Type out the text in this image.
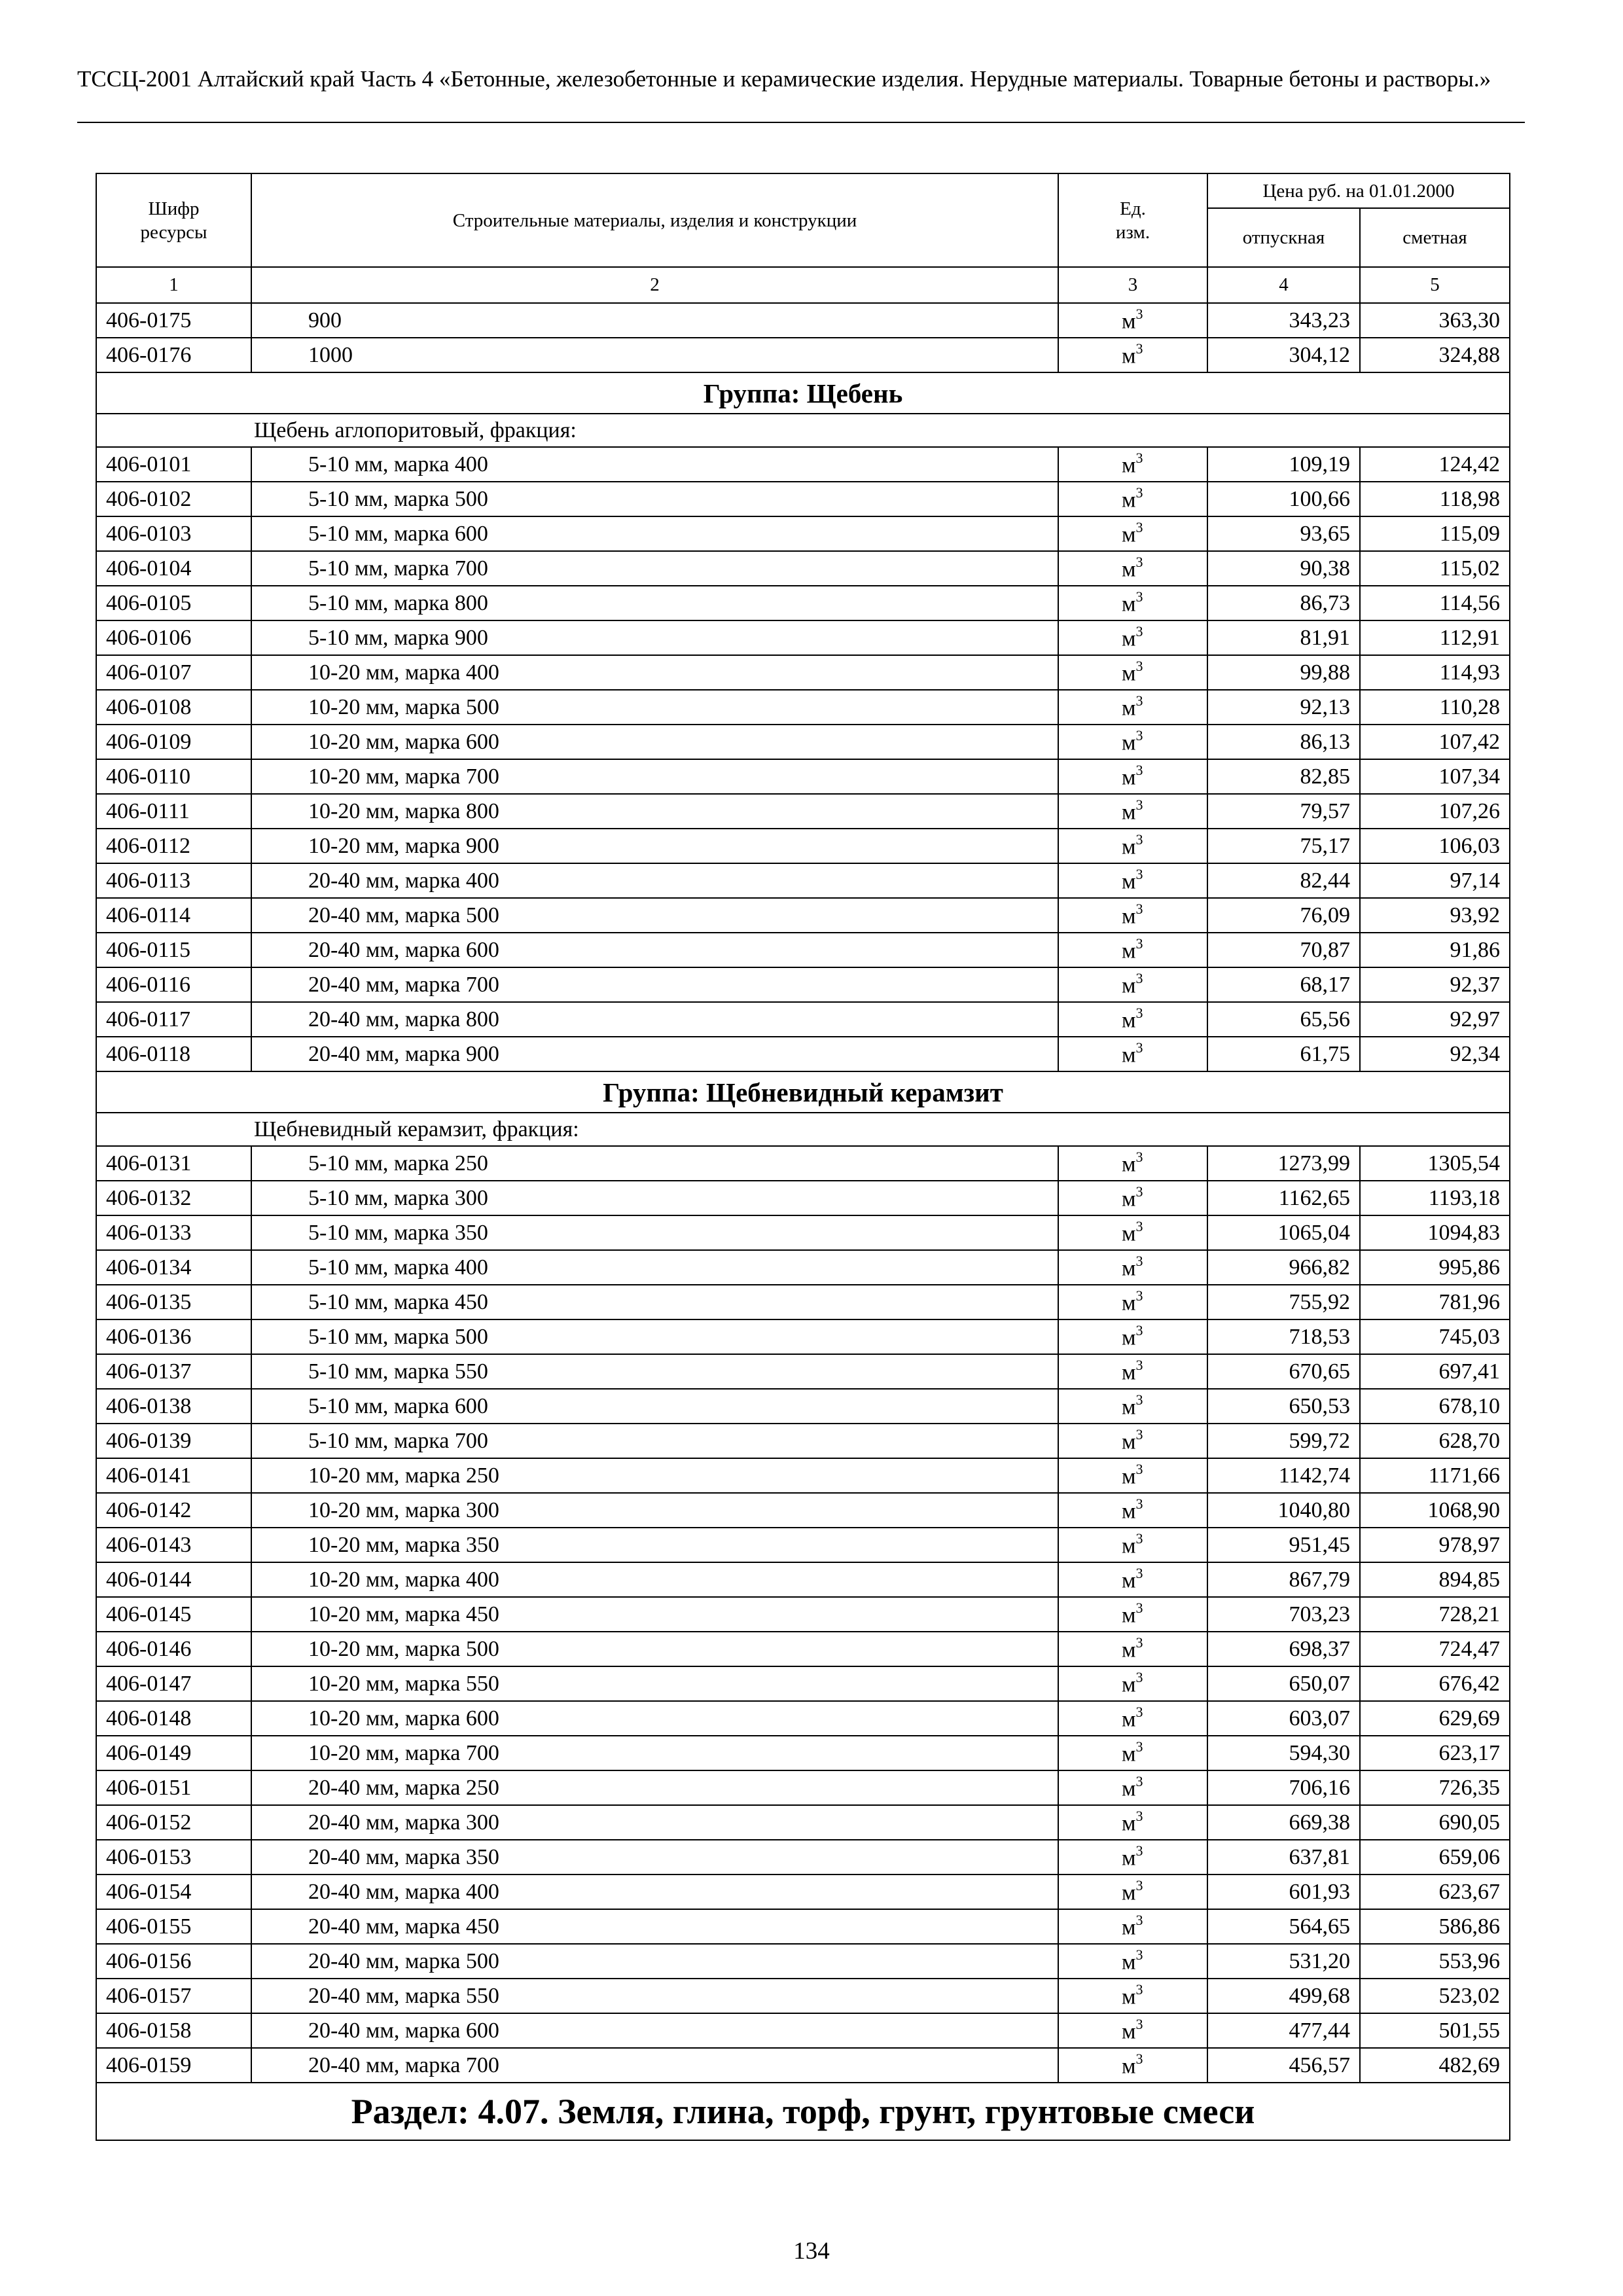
ТССЦ-2001 Алтайский край Часть 4 «Бетонные, железобетонные и керамические изделия. Нерудные материалы. Товарные бетоны и растворы.»
Шифр ресурсы	Строительные материалы, изделия и конструкции	Ед. изм.	Цена руб. на 01.01.2000	
			отпускная	сметная
1	2	3	4	5
406-0175	900	$м^3$	343,23	363,30
406-0176	1000	$м^3$	304,12	324,88
Группа: Щебень				
Щебень аглопоритовый, фракция:				
406-0101	5-10 мм, марка 400	$м^3$	109,19	124,42
406-0102	5-10 мм, марка 500	$м^3$	100,66	118,98
406-0103	5-10 мм, марка 600	$м^3$	93,65	115,09
406-0104	5-10 мм, марка 700	$м^3$	90,38	115,02
406-0105	5-10 мм, марка 800	$м^3$	86,73	114,56
406-0106	5-10 мм, марка 900	$м^3$	81,91	112,91
406-0107	10-20 мм, марка 400	$м^3$	99,88	114,93
406-0108	10-20 мм, марка 500	$м^3$	92,13	110,28
406-0109	10-20 мм, марка 600	$м^3$	86,13	107,42
406-0110	10-20 мм, марка 700	$м^3$	82,85	107,34
406-0111	10-20 мм, марка 800	$м^3$	79,57	107,26
406-0112	10-20 мм, марка 900	$м^3$	75,17	106,03
406-0113	20-40 мм, марка 400	$м^3$	82,44	97,14
406-0114	20-40 мм, марка 500	$м^3$	76,09	93,92
406-0115	20-40 мм, марка 600	$м^3$	70,87	91,86
406-0116	20-40 мм, марка 700	$м^3$	68,17	92,37
406-0117	20-40 мм, марка 800	$м^3$	65,56	92,97
406-0118	20-40 мм, марка 900	$м^3$	61,75	92,34
Группа: Щебневидный керамзит				
Щебневидный керамзит, фракция:				
406-0131	5-10 мм, марка 250	$м^3$	1273,99	1305,54
406-0132	5-10 мм, марка 300	$м^3$	1162,65	1193,18
406-0133	5-10 мм, марка 350	$м^3$	1065,04	1094,83
406-0134	5-10 мм, марка 400	$м^3$	966,82	995,86
406-0135	5-10 мм, марка 450	$м^3$	755,92	781,96
406-0136	5-10 мм, марка 500	$м^3$	718,53	745,03
406-0137	5-10 мм, марка 550	$м^3$	670,65	697,41
406-0138	5-10 мм, марка 600	$м^3$	650,53	678,10
406-0139	5-10 мм, марка 700	$м^3$	599,72	628,70
406-0141	10-20 мм, марка 250	$м^3$	1142,74	1171,66
406-0142	10-20 мм, марка 300	$м^3$	1040,80	1068,90
406-0143	10-20 мм, марка 350	$м^3$	951,45	978,97
406-0144	10-20 мм, марка 400	$м^3$	867,79	894,85
406-0145	10-20 мм, марка 450	$м^3$	703,23	728,21
406-0146	10-20 мм, марка 500	$м^3$	698,37	724,47
406-0147	10-20 мм, марка 550	$м^3$	650,07	676,42
406-0148	10-20 мм, марка 600	$м^3$	603,07	629,69
406-0149	10-20 мм, марка 700	$м^3$	594,30	623,17
406-0151	20-40 мм, марка 250	$м^3$	706,16	726,35
406-0152	20-40 мм, марка 300	$м^3$	669,38	690,05
406-0153	20-40 мм, марка 350	$м^3$	637,81	659,06
406-0154	20-40 мм, марка 400	$м^3$	601,93	623,67
406-0155	20-40 мм, марка 450	$м^3$	564,65	586,86
406-0156	20-40 мм, марка 500	$м^3$	531,20	553,96
406-0157	20-40 мм, марка 550	$м^3$	499,68	523,02
406-0158	20-40 мм, марка 600	$м^3$	477,44	501,55
406-0159	20-40 мм, марка 700	$м^3$	456,57	482,69
Раздел: 4.07. Земля, глина, торф, грунт, грунтовые смеси				
134
